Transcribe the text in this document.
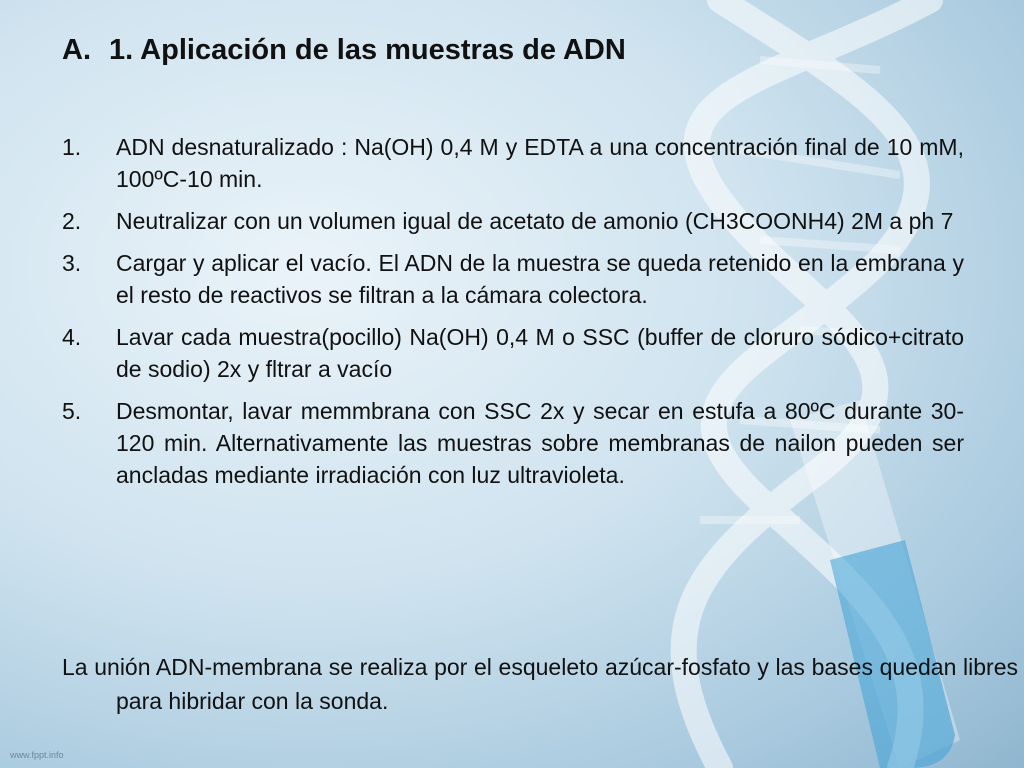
A. 1. Aplicación de las muestras de ADN
1.	ADN desnaturalizado : Na(OH) 0,4 M y EDTA a una concentración final de 10 mM, 100ºC-10 min.
2.	Neutralizar con un volumen igual de acetato de amonio (CH3COONH4) 2M a ph 7
3.	Cargar y aplicar el vacío. El ADN de la muestra se queda retenido en la embrana y el resto de reactivos se filtran a la cámara colectora.
4.	Lavar cada muestra(pocillo) Na(OH) 0,4 M o SSC (buffer de cloruro sódico+citrato de sodio) 2x y fltrar a vacío
5.	Desmontar, lavar memmbrana con SSC 2x y secar en estufa a 80ºC durante 30-120 min. Alternativamente las muestras sobre membranas de nailon pueden ser ancladas mediante irradiación con luz ultravioleta.

La unión ADN-membrana se realiza por el esqueleto azúcar-fosfato y las bases quedan libres para hibridar con la sonda.

www.fppt.info
